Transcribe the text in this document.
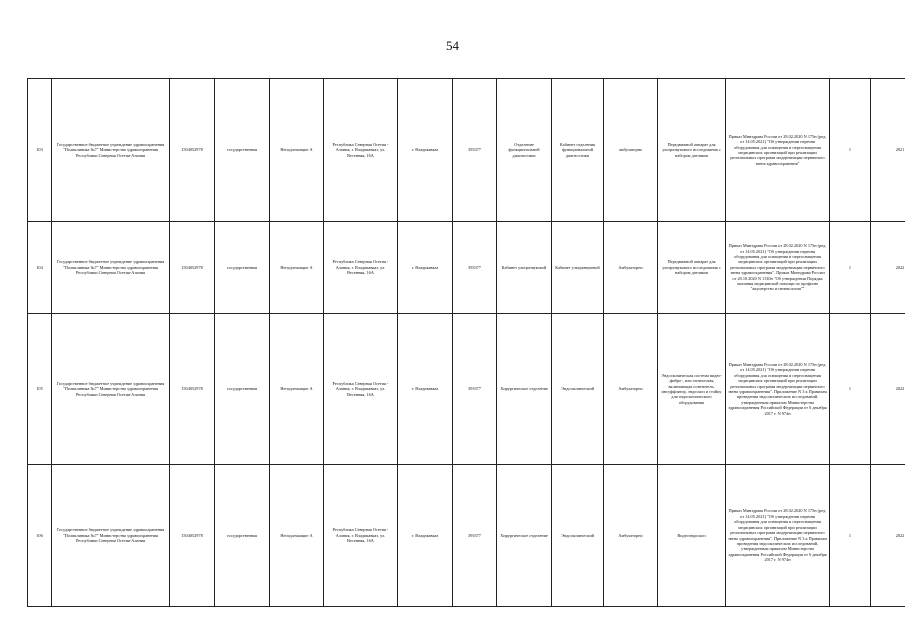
54
103	Государственное бюджетное учреждение здравоохранения "Поликлиника №7" Министерства здравоохранения Республики Северная Осетия-Алания	1504052978	государственная	Неподлежащие А	Республика Северная Осетия - Алания, г. Владикавказ, ул. Весенняя, 16А	г. Владикавказ	393377	Отделение функциональной диагностики	Кабинет отделения функциональной диагностики	амбулаторно	Передвижной аппарат для ультразвукового исследования с набором датчиков	Приказ Минздрава России от 28.02.2020 N 175н (ред. от 14.05.2021) "Об утверждении перечня оборудования для оснащения и переоснащения медицинских организаций при реализации региональных программ модернизации первичного звена здравоохранения"	1	2021
104	Государственное бюджетное учреждение здравоохранения "Поликлиника №7" Министерства здравоохранения Республики Северная Осетия-Алания	1504052978	государственная	Неподлежащие А	Республика Северная Осетия - Алания, г. Владикавказ, ул. Весенняя, 16А	г. Владикавказ	393377	Кабинет ультразвуковой	Кабинет ультразвуковой	Амбулаторно	Передвижной аппарат для ультразвукового исследования с набором датчиков	Приказ Минздрава России от 28.02.2020 N 175н (ред. от 14.05.2021) "Об утверждении перечня оборудования для оснащения и переоснащения медицинских организаций при реализации региональных программ модернизации первичного звена здравоохранения". Приказ Минздрава России от 20.10.2020 N 1130н "Об утверждении Порядка оказания медицинской помощи по профилю "акушерство и гинекология""	1	2022
105	Государственное бюджетное учреждение здравоохранения "Поликлиника №7" Министерства здравоохранения Республики Северная Осетия-Алания	1504052978	государственная	Неподлежащие А	Республика Северная Осетия - Алания, г. Владикавказ, ул. Весенняя, 16А	г. Владикавказ	393377	Хирургическое отделение	Эндоскопический	Амбулаторно	Эндоскопическая система видео- ,фибро-, или оптическая, включающая осветитель, инсуффлятор, эндоскоп и стойку для эндоскопического оборудования	Приказ Минздрава России от 28.02.2020 N 175н (ред. от 14.05.2021) "Об утверждении перечня оборудования для оснащения и переоснащения медицинских организаций при реализации региональных программ модернизации первичного звена здравоохранения". Приложение N 3 к Правилам проведения эндоскопических исследований, утвержденным приказом Министерства здравоохранения Российской Федерации от 6 декабря 2017 г. N 974н	1	2022
106	Государственное бюджетное учреждение здравоохранения "Поликлиника №7" Министерства здравоохранения Республики Северная Осетия-Алания	1504052978	государственная	Неподлежащие А	Республика Северная Осетия - Алания, г. Владикавказ, ул. Весенняя, 16А	г. Владикавказ	393377	Хирургическое отделение	Эндоскопический	Амбулаторно	Видеоэндоскоп	Приказ Минздрава России от 28.02.2020 N 175н (ред. от 14.05.2021) "Об утверждении перечня оборудования для оснащения и переоснащения медицинских организаций при реализации региональных программ модернизации первичного звена здравоохранения". Приложение N 3 к Правилам проведения эндоскопических исследований, утвержденным приказом Министерства здравоохранения Российской Федерации от 6 декабря 2017 г. N 974н	1	2022
